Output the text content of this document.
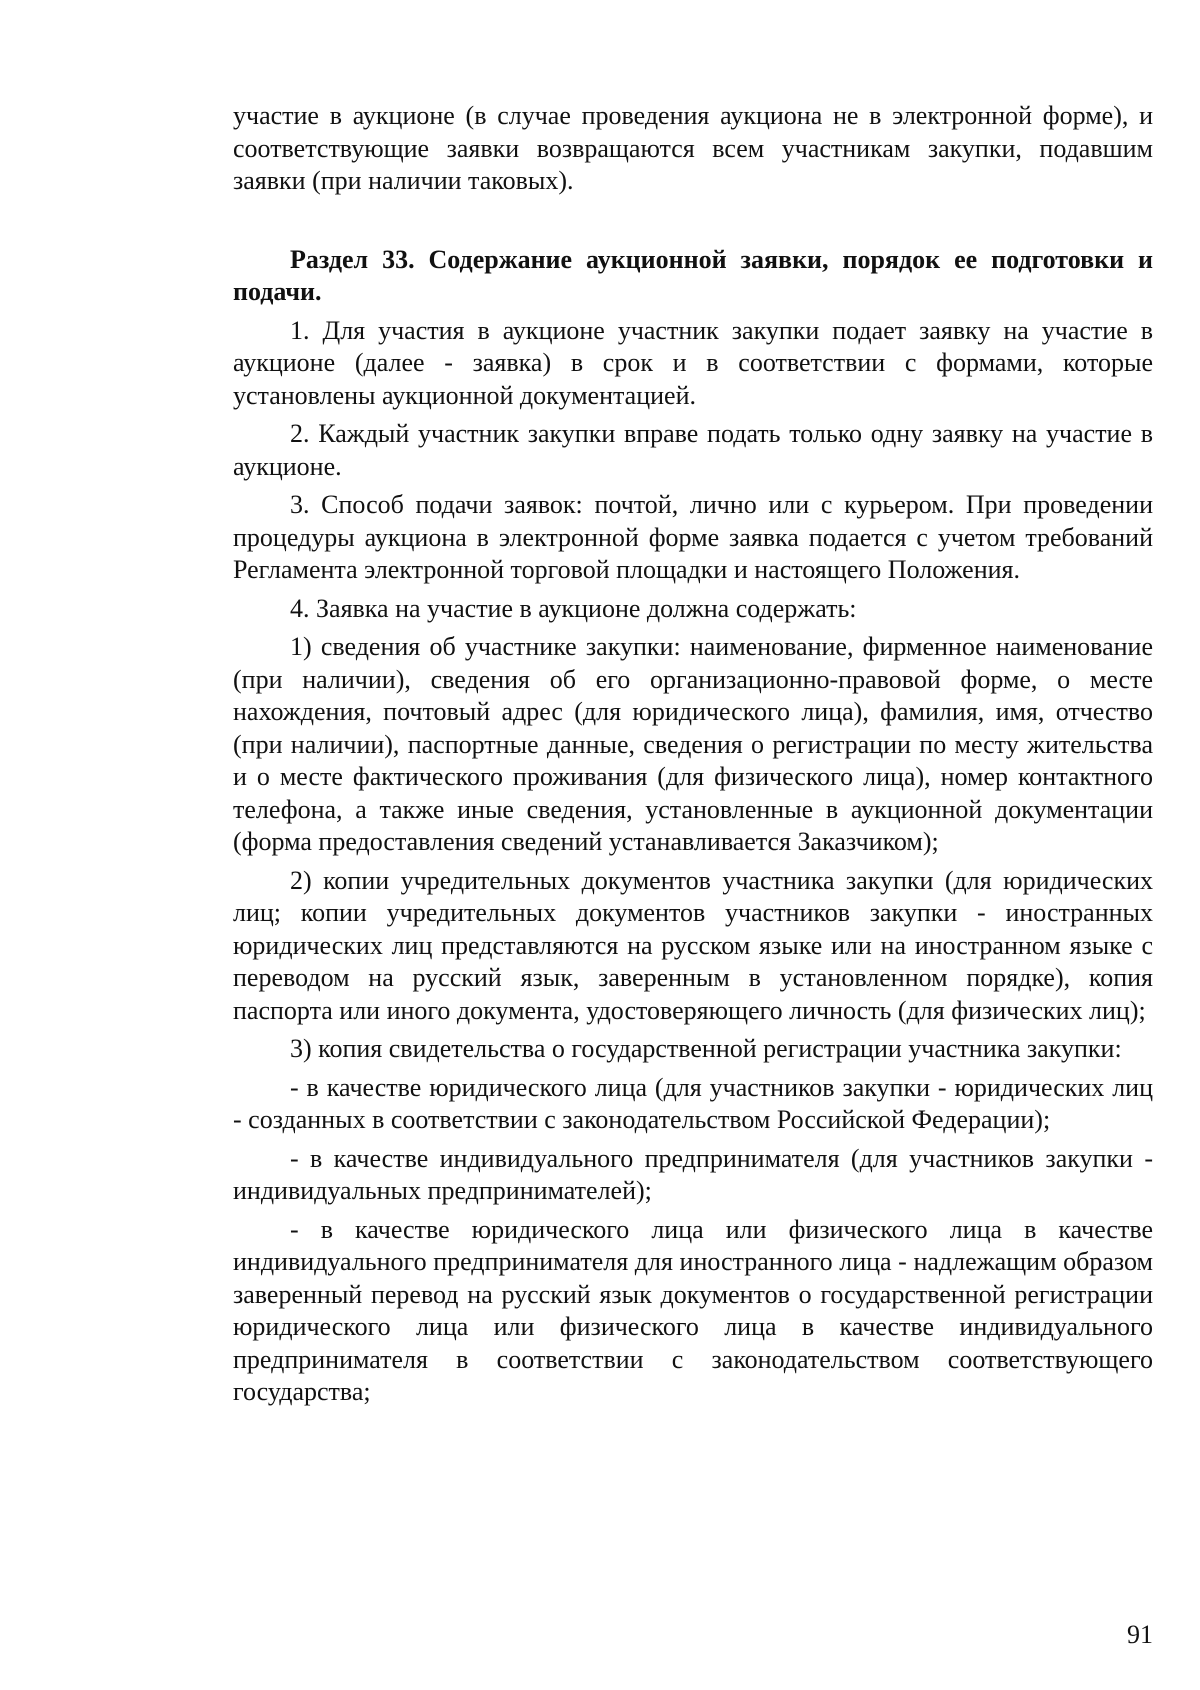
участие в аукционе (в случае проведения аукциона не в электронной форме), и соответствующие заявки возвращаются всем участникам закупки, подавшим заявки (при наличии таковых).

Раздел 33. Содержание аукционной заявки, порядок ее подготовки и подачи.

1. Для участия в аукционе участник закупки подает заявку на участие в аукционе (далее - заявка) в срок и в соответствии с формами, которые установлены аукционной документацией.

2. Каждый участник закупки вправе подать только одну заявку на участие в аукционе.

3. Способ подачи заявок: почтой, лично или с курьером. При проведении процедуры аукциона в электронной форме заявка подается с учетом требований Регламента электронной торговой площадки и настоящего Положения.

4. Заявка на участие в аукционе должна содержать:

1) сведения об участнике закупки: наименование, фирменное наименование (при наличии), сведения об его организационно-правовой форме, о месте нахождения, почтовый адрес (для юридического лица), фамилия, имя, отчество (при наличии), паспортные данные, сведения о регистрации по месту жительства и о месте фактического проживания (для физического лица), номер контактного телефона, а также иные сведения, установленные в аукционной документации (форма предоставления сведений устанавливается Заказчиком);

2) копии учредительных документов участника закупки (для юридических лиц; копии учредительных документов участников закупки - иностранных юридических лиц представляются на русском языке или на иностранном языке с переводом на русский язык, заверенным в установленном порядке), копия паспорта или иного документа, удостоверяющего личность (для физических лиц);

3) копия свидетельства о государственной регистрации участника закупки:

- в качестве юридического лица (для участников закупки - юридических лиц - созданных в соответствии с законодательством Российской Федерации);

- в качестве индивидуального предпринимателя (для участников закупки - индивидуальных предпринимателей);

- в качестве юридического лица или физического лица в качестве индивидуального предпринимателя для иностранного лица - надлежащим образом заверенный перевод на русский язык документов о государственной регистрации юридического лица или физического лица в качестве индивидуального предпринимателя в соответствии с законодательством соответствующего государства;

91
